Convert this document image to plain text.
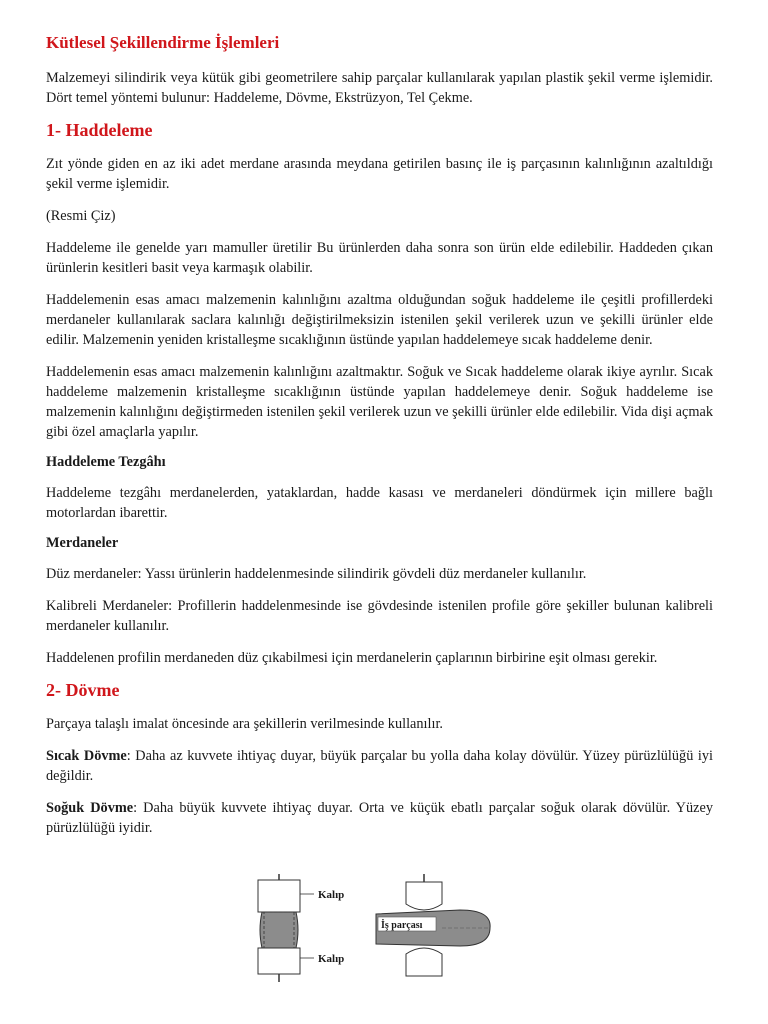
Kütlesel Şekillendirme İşlemleri

Malzemeyi silindirik veya kütük gibi geometrilere sahip parçalar kullanılarak yapılan plastik şekil verme işlemidir. Dört temel yöntemi bulunur: Haddeleme, Dövme, Ekstrüzyon, Tel Çekme.

1- Haddeleme

Zıt yönde giden en az iki adet merdane arasında meydana getirilen basınç ile iş parçasının kalınlığının azaltıldığı şekil verme işlemidir.

(Resmi Çiz)

Haddeleme ile genelde yarı mamuller üretilir Bu ürünlerden daha sonra son ürün elde edilebilir. Haddeden çıkan ürünlerin kesitleri basit veya karmaşık olabilir.

Haddelemenin esas amacı malzemenin kalınlığını azaltma olduğundan soğuk haddeleme ile çeşitli profillerdeki merdaneler kullanılarak saclara kalınlığı değiştirilmeksizin istenilen şekil verilerek uzun ve şekilli ürünler elde edilir. Malzemenin yeniden kristalleşme sıcaklığının üstünde yapılan haddelemeye sıcak haddeleme denir.

Haddelemenin esas amacı malzemenin kalınlığını azaltmaktır. Soğuk ve Sıcak haddeleme olarak ikiye ayrılır. Sıcak haddeleme malzemenin kristalleşme sıcaklığının üstünde yapılan haddelemeye denir. Soğuk haddeleme ise malzemenin kalınlığını değiştirmeden istenilen şekil verilerek uzun ve şekilli ürünler elde edilebilir. Vida dişi açmak gibi özel amaçlarla yapılır.

Haddeleme Tezgâhı

Haddeleme tezgâhı merdanelerden, yataklardan, hadde kasası ve merdaneleri döndürmek için millere bağlı motorlardan ibarettir.

Merdaneler

Düz merdaneler: Yassı ürünlerin haddelenmesinde silindirik gövdeli düz merdaneler kullanılır.

Kalibreli Merdaneler: Profillerin haddelenmesinde ise gövdesinde istenilen profile göre şekiller bulunan kalibreli merdaneler kullanılır.

Haddelenen profilin merdaneden düz çıkabilmesi için merdanelerin çaplarının birbirine eşit olması gerekir.

2- Dövme

Parçaya talaşlı imalat öncesinde ara şekillerin verilmesinde kullanılır.

Sıcak Dövme: Daha az kuvvete ihtiyaç duyar, büyük parçalar bu yolla daha kolay dövülür. Yüzey pürüzlülüğü iyi değildir.

Soğuk Dövme: Daha büyük kuvvete ihtiyaç duyar. Orta ve küçük ebatlı parçalar soğuk olarak dövülür. Yüzey pürüzlülüğü iyidir.

Kalıp
Kalıp
İş parçası
